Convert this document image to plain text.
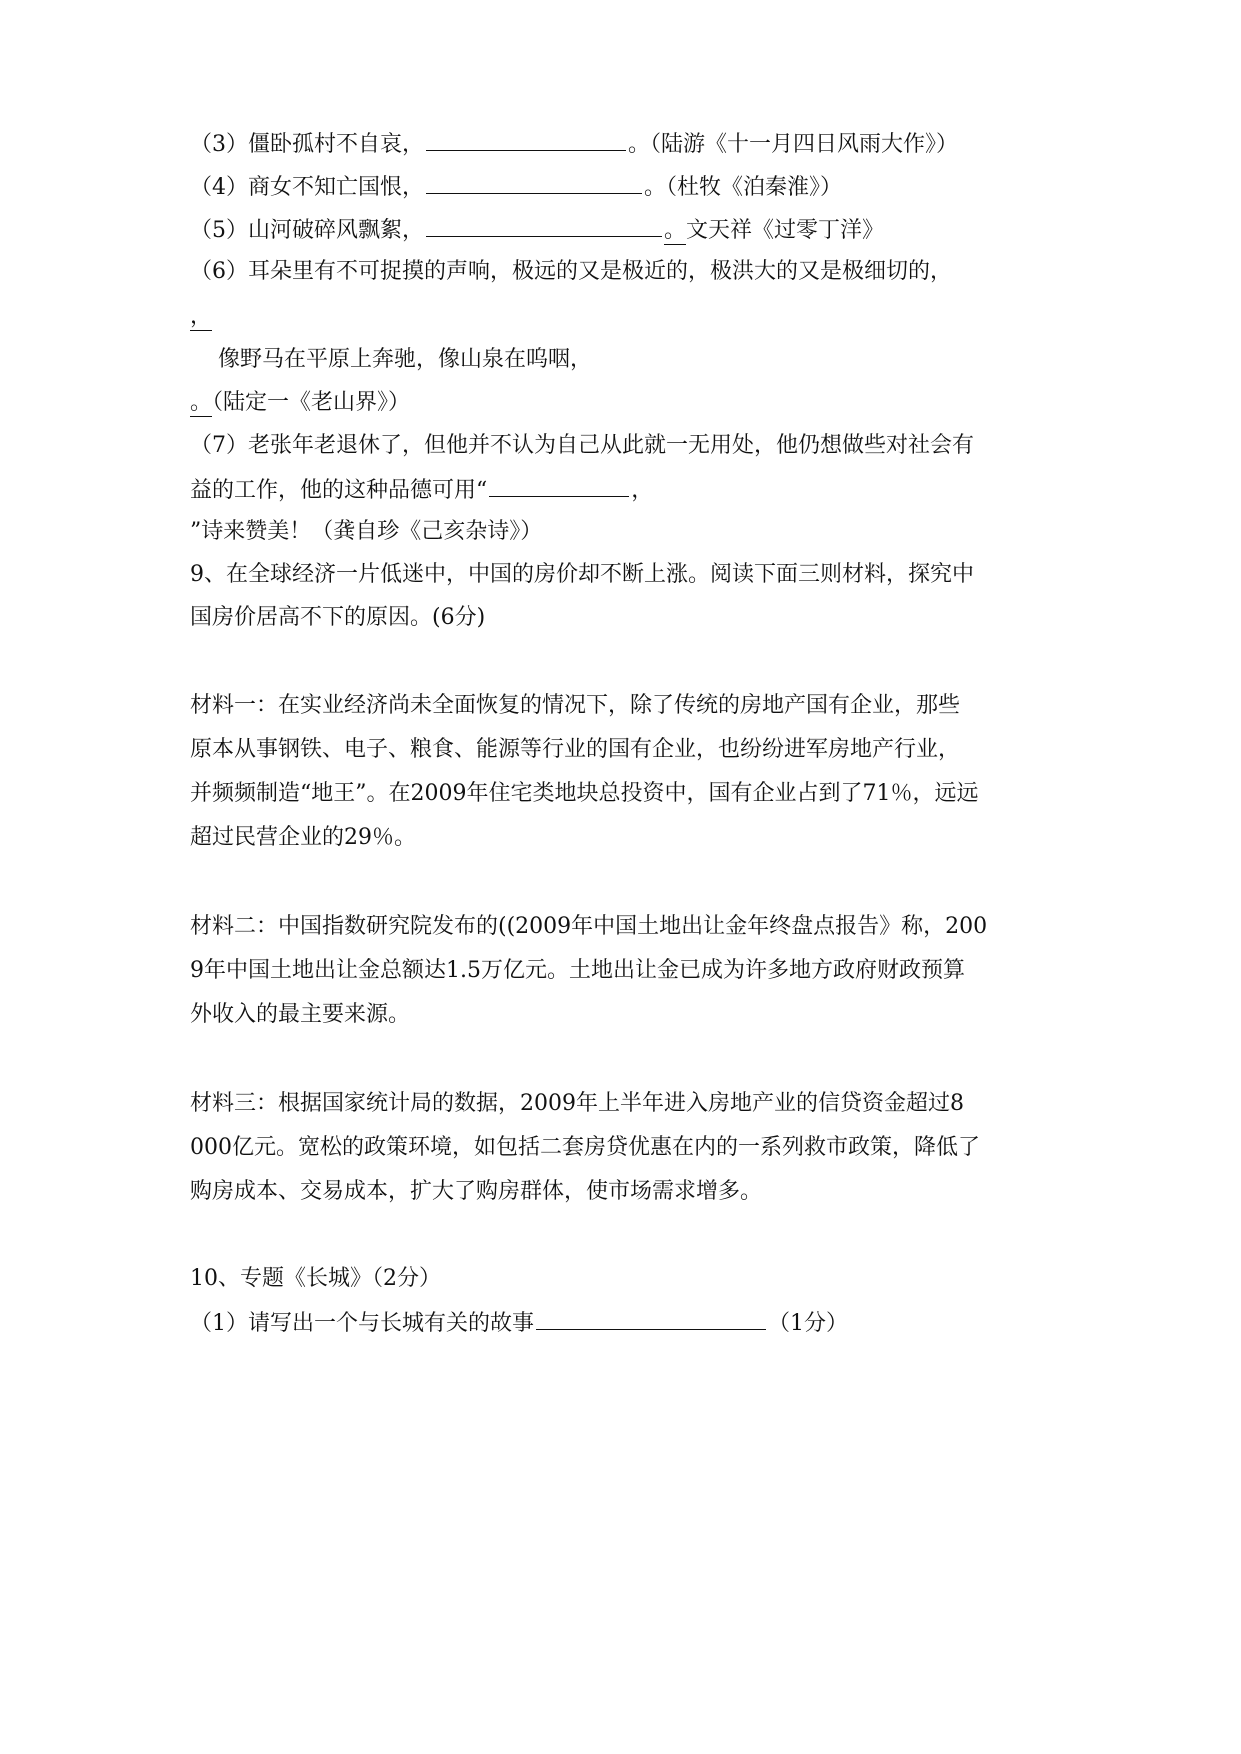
（3）僵卧孤村不自哀，	。（陆游《十一月四日风雨大作》）
（4）商女不知亡国恨，	。（杜牧《泊秦淮》）
（5）山河破碎风飘絮，	。文天祥《过零丁洋》
（6）耳朵里有不可捉摸的声响，极远的又是极近的，极洪大的又是极细切的，
，
像野马在平原上奔驰，像山泉在呜咽，
。（陆定一《老山界》）
（7）老张年老退休了，但他并不认为自己从此就一无用处，他仍想做些对社会有
益的工作，他的这种品德可用“	，
”诗来赞美！（龚自珍《己亥杂诗》）
9、在全球经济一片低迷中，中国的房价却不断上涨。阅读下面三则材料，探究中
国房价居高不下的原因。(6分)
材料一：在实业经济尚未全面恢复的情况下，除了传统的房地产国有企业，那些
原本从事钢铁、电子、粮食、能源等行业的国有企业，也纷纷进军房地产行业，
并频频制造“地王”。在2009年住宅类地块总投资中，国有企业占到了71％，远远
超过民营企业的29％。
材料二：中国指数研究院发布的((2009年中国土地出让金年终盘点报告》称，200
9年中国土地出让金总额达1.5万亿元。土地出让金已成为许多地方政府财政预算
外收入的最主要来源。
材料三：根据国家统计局的数据，2009年上半年进入房地产业的信贷资金超过8
000亿元。宽松的政策环境，如包括二套房贷优惠在内的一系列救市政策，降低了
购房成本、交易成本，扩大了购房群体，使市场需求增多。
10、专题《长城》（2分）
（1）请写出一个与长城有关的故事	（1分）
